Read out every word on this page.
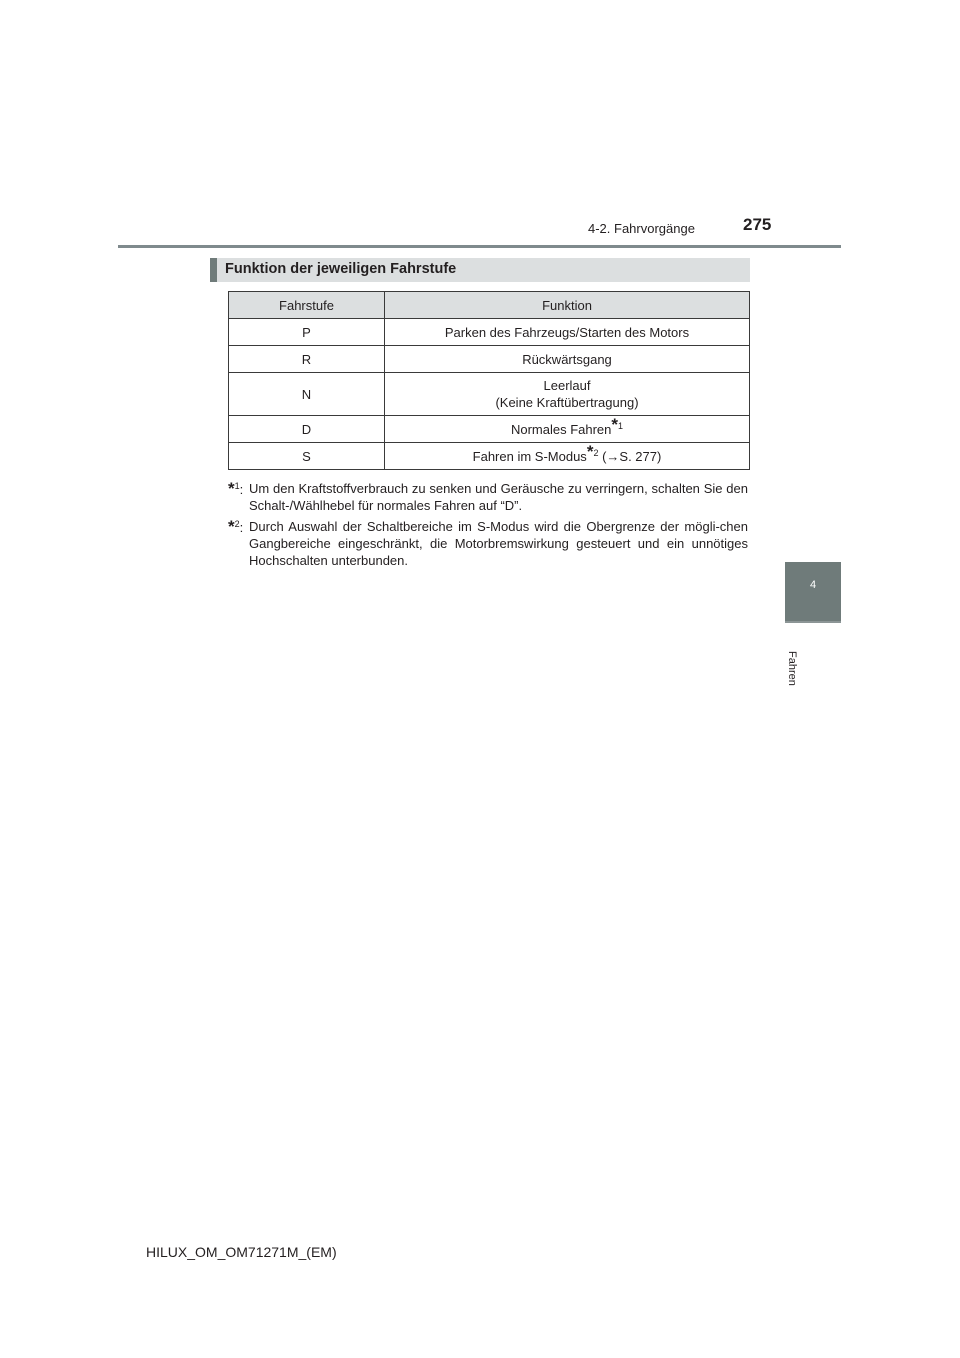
4-2. Fahrvorgänge	275
4
Fahren
Funktion der jeweiligen Fahrstufe
Fahrstufe	Funktion
P	Parken des Fahrzeugs/Starten des Motors
R	Rückwärtsgang
N	Leerlauf
(Keine Kraftübertragung)

D	Normales Fahren*$^1$
S	Fahren im S-Modus*$^2$ (→S. 277)
*$^1$: Um den Kraftstoffverbrauch zu senken und Geräusche zu verringern, schalten Sie den Schalt-/Wählhebel für normales Fahren auf “D”.
*$^2$: Durch Auswahl der Schaltbereiche im S-Modus wird die Obergrenze der mögli-chen Gangbereiche eingeschränkt, die Motorbremswirkung gesteuert und ein unnötiges Hochschalten unterbunden.
HILUX_OM_OM71271M_(EM)
